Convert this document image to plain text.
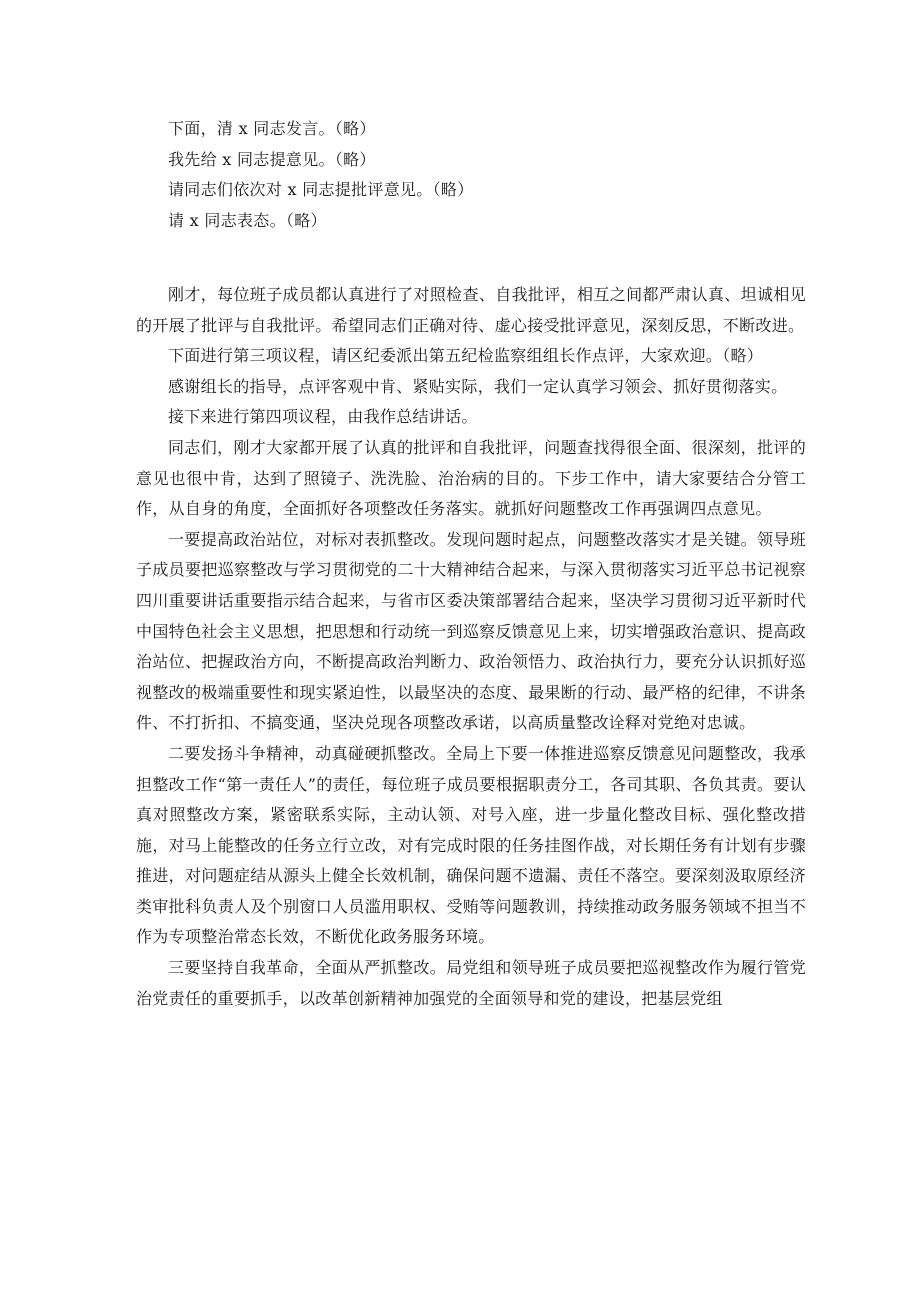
下面，清 x 同志发言。（略）

我先给 x 同志提意见。（略）

请同志们依次对 x 同志提批评意见。（略）

请 x 同志表态。（略）

刚才，每位班子成员都认真进行了对照检查、自我批评，相互之间都严肃认真、坦诚相见的开展了批评与自我批评。希望同志们正确对待、虚心接受批评意见，深刻反思，不断改进。

下面进行第三项议程，请区纪委派出第五纪检监察组组长作点评，大家欢迎。（略）

感谢组长的指导，点评客观中肯、紧贴实际，我们一定认真学习领会、抓好贯彻落实。

接下来进行第四项议程，由我作总结讲话。

同志们，刚才大家都开展了认真的批评和自我批评，问题查找得很全面、很深刻，批评的意见也很中肯，达到了照镜子、洗洗脸、治治病的目的。下步工作中，请大家要结合分管工作，从自身的角度，全面抓好各项整改任务落实。就抓好问题整改工作再强调四点意见。

一要提高政治站位，对标对表抓整改。发现问题时起点，问题整改落实才是关键。领导班子成员要把巡察整改与学习贯彻党的二十大精神结合起来，与深入贯彻落实习近平总书记视察四川重要讲话重要指示结合起来，与省市区委决策部署结合起来，坚决学习贯彻习近平新时代中国特色社会主义思想，把思想和行动统一到巡察反馈意见上来，切实增强政治意识、提高政治站位、把握政治方向，不断提高政治判断力、政治领悟力、政治执行力，要充分认识抓好巡视整改的极端重要性和现实紧迫性，以最坚决的态度、最果断的行动、最严格的纪律，不讲条件、不打折扣、不搞变通，坚决兑现各项整改承诺，以高质量整改诠释对党绝对忠诚。

二要发扬斗争精神，动真碰硬抓整改。全局上下要一体推进巡察反馈意见问题整改，我承担整改工作“第一责任人”的责任，每位班子成员要根据职责分工，各司其职、各负其责。要认真对照整改方案，紧密联系实际，主动认领、对号入座，进一步量化整改目标、强化整改措施，对马上能整改的任务立行立改，对有完成时限的任务挂图作战，对长期任务有计划有步骤推进，对问题症结从源头上健全长效机制，确保问题不遗漏、责任不落空。要深刻汲取原经济类审批科负责人及个别窗口人员滥用职权、受贿等问题教训，持续推动政务服务领域不担当不作为专项整治常态长效，不断优化政务服务环境。

三要坚持自我革命，全面从严抓整改。局党组和领导班子成员要把巡视整改作为履行管党治党责任的重要抓手，以改革创新精神加强党的全面领导和党的建设，把基层党组
